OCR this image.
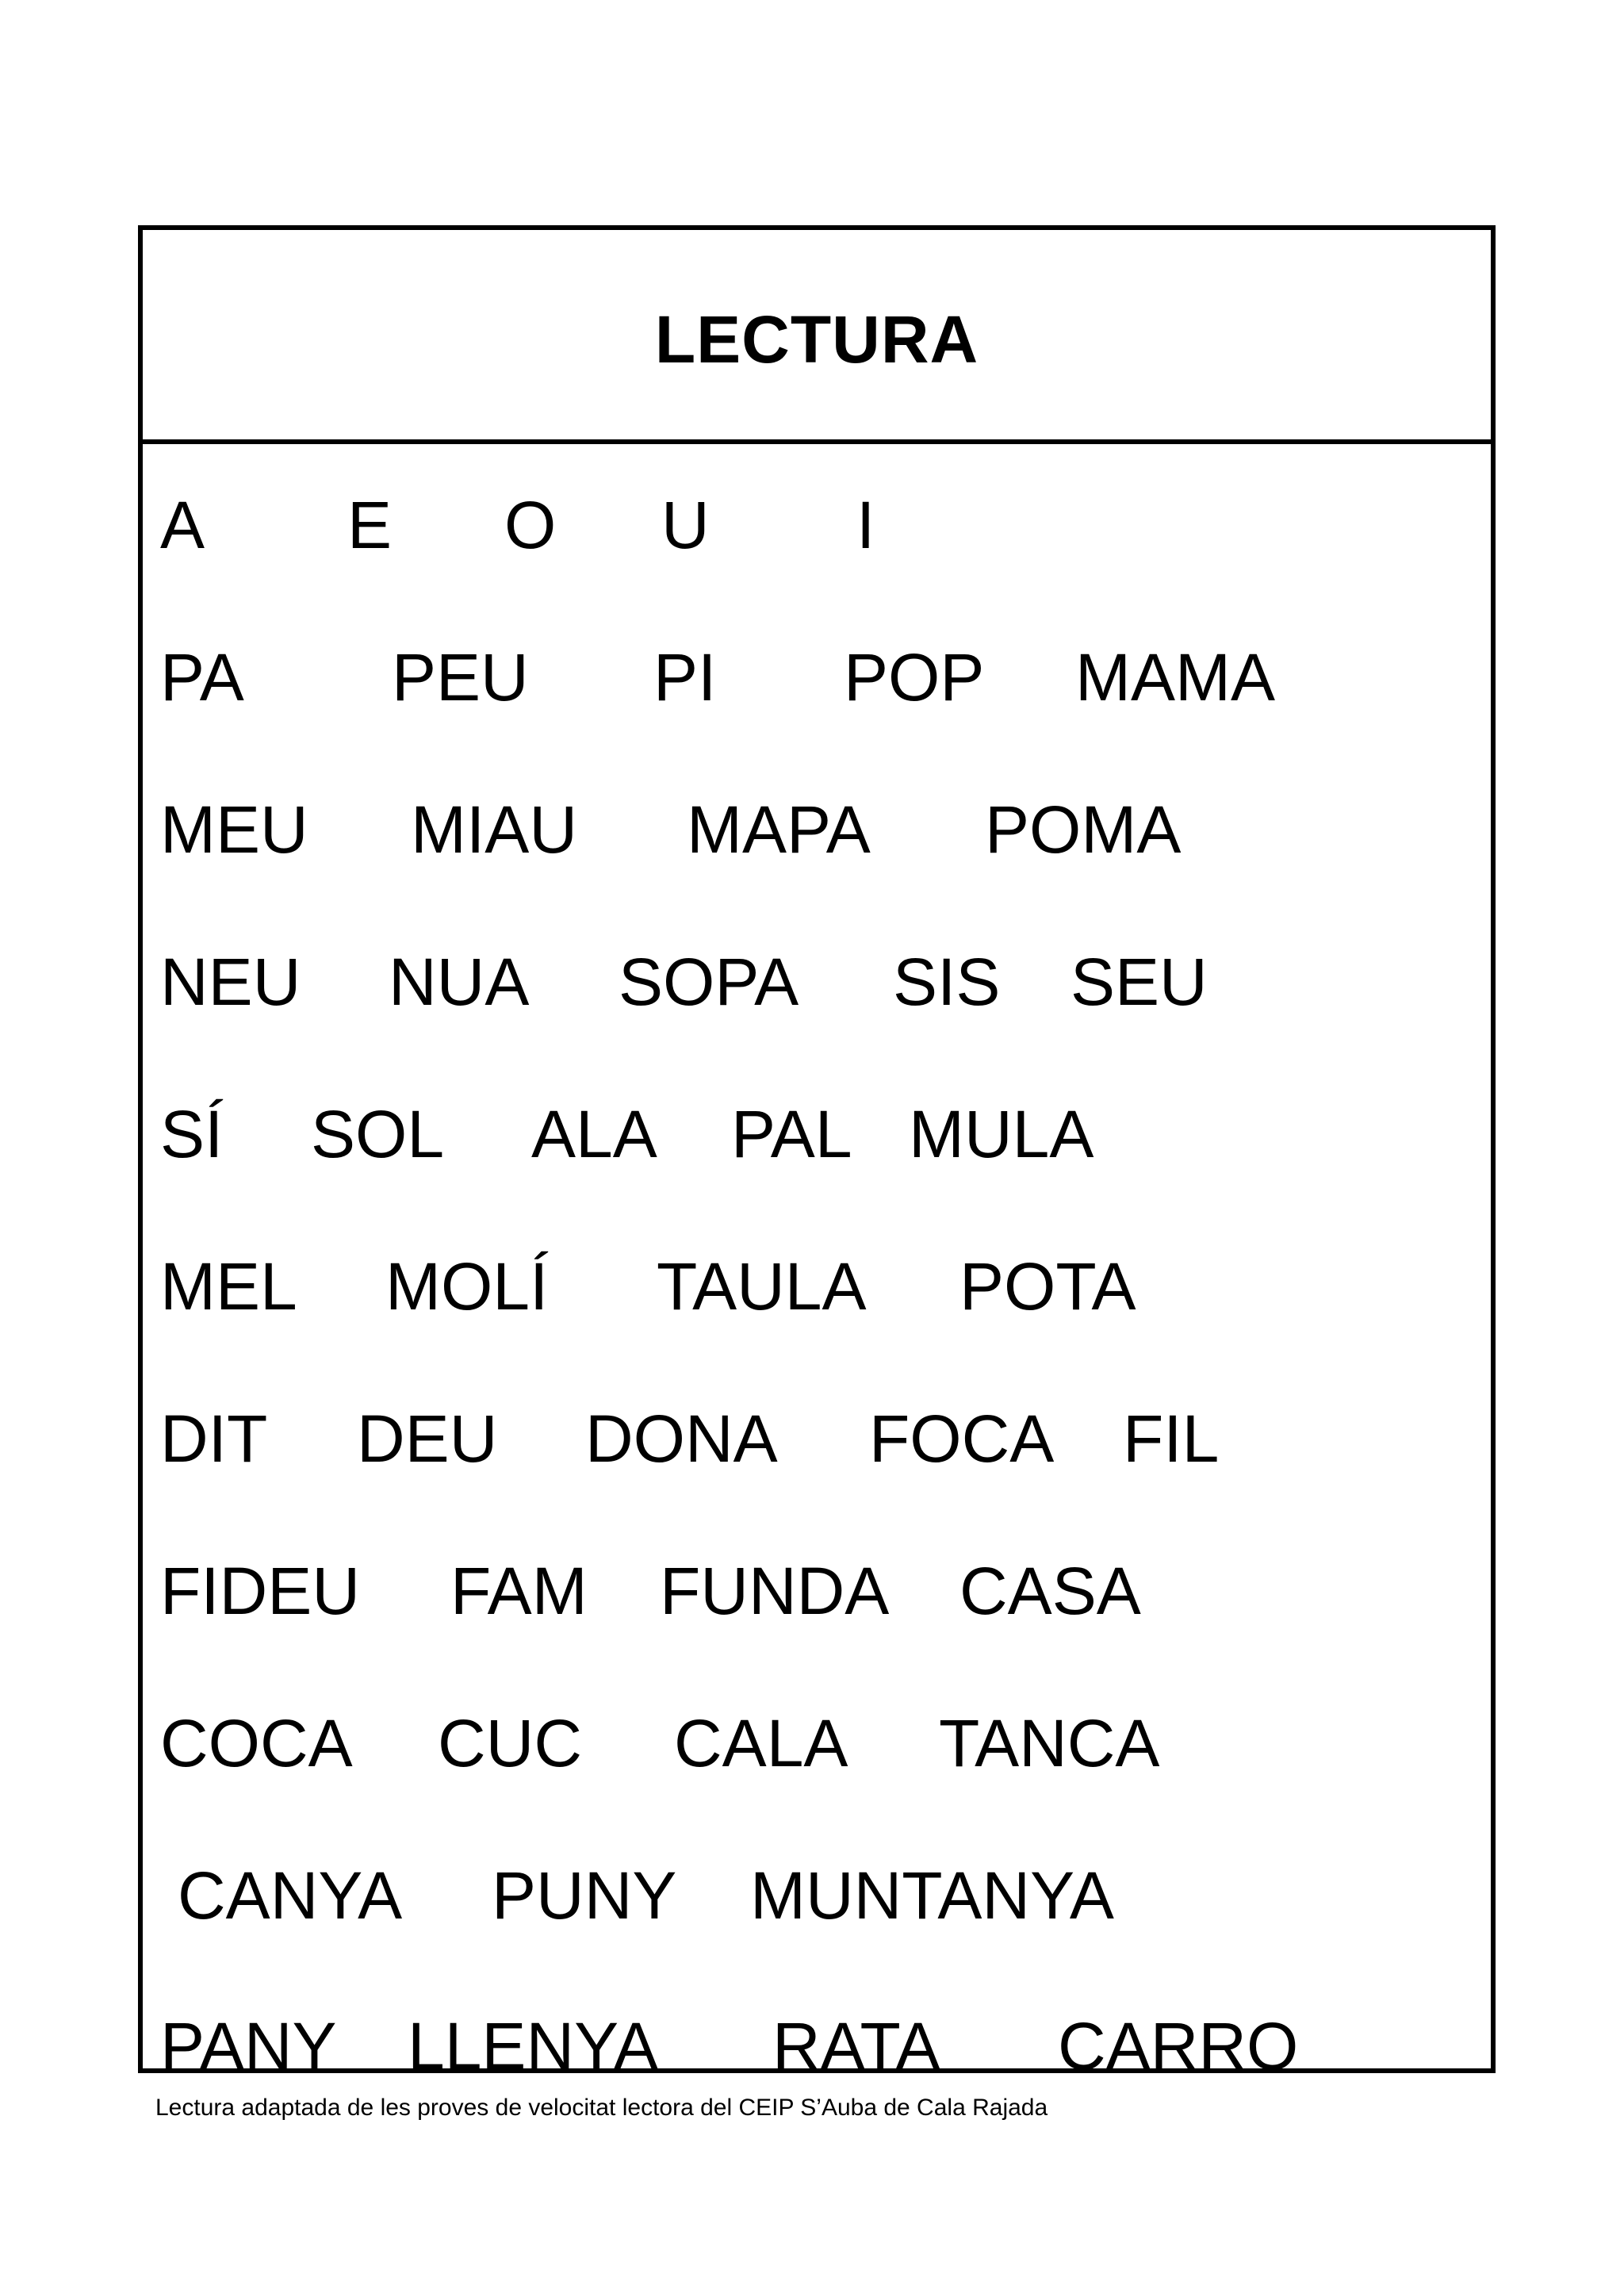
LECTURA
A E O U I
PA PEU PI POP MAMA
MEU MIAU MAPA POMA
NEU NUA SOPA SIS SEU
SÍ SOL ALA PAL MULA
MEL MOLÍ TAULA POTA
DIT DEU DONA FOCA FIL
FIDEU FAM FUNDA CASA
COCA CUC CALA TANCA
CANYA PUNY MUNTANYA
PANY LLENYA RATA CARRO
Lectura adaptada de les proves de velocitat lectora del CEIP S’Auba de Cala Rajada
